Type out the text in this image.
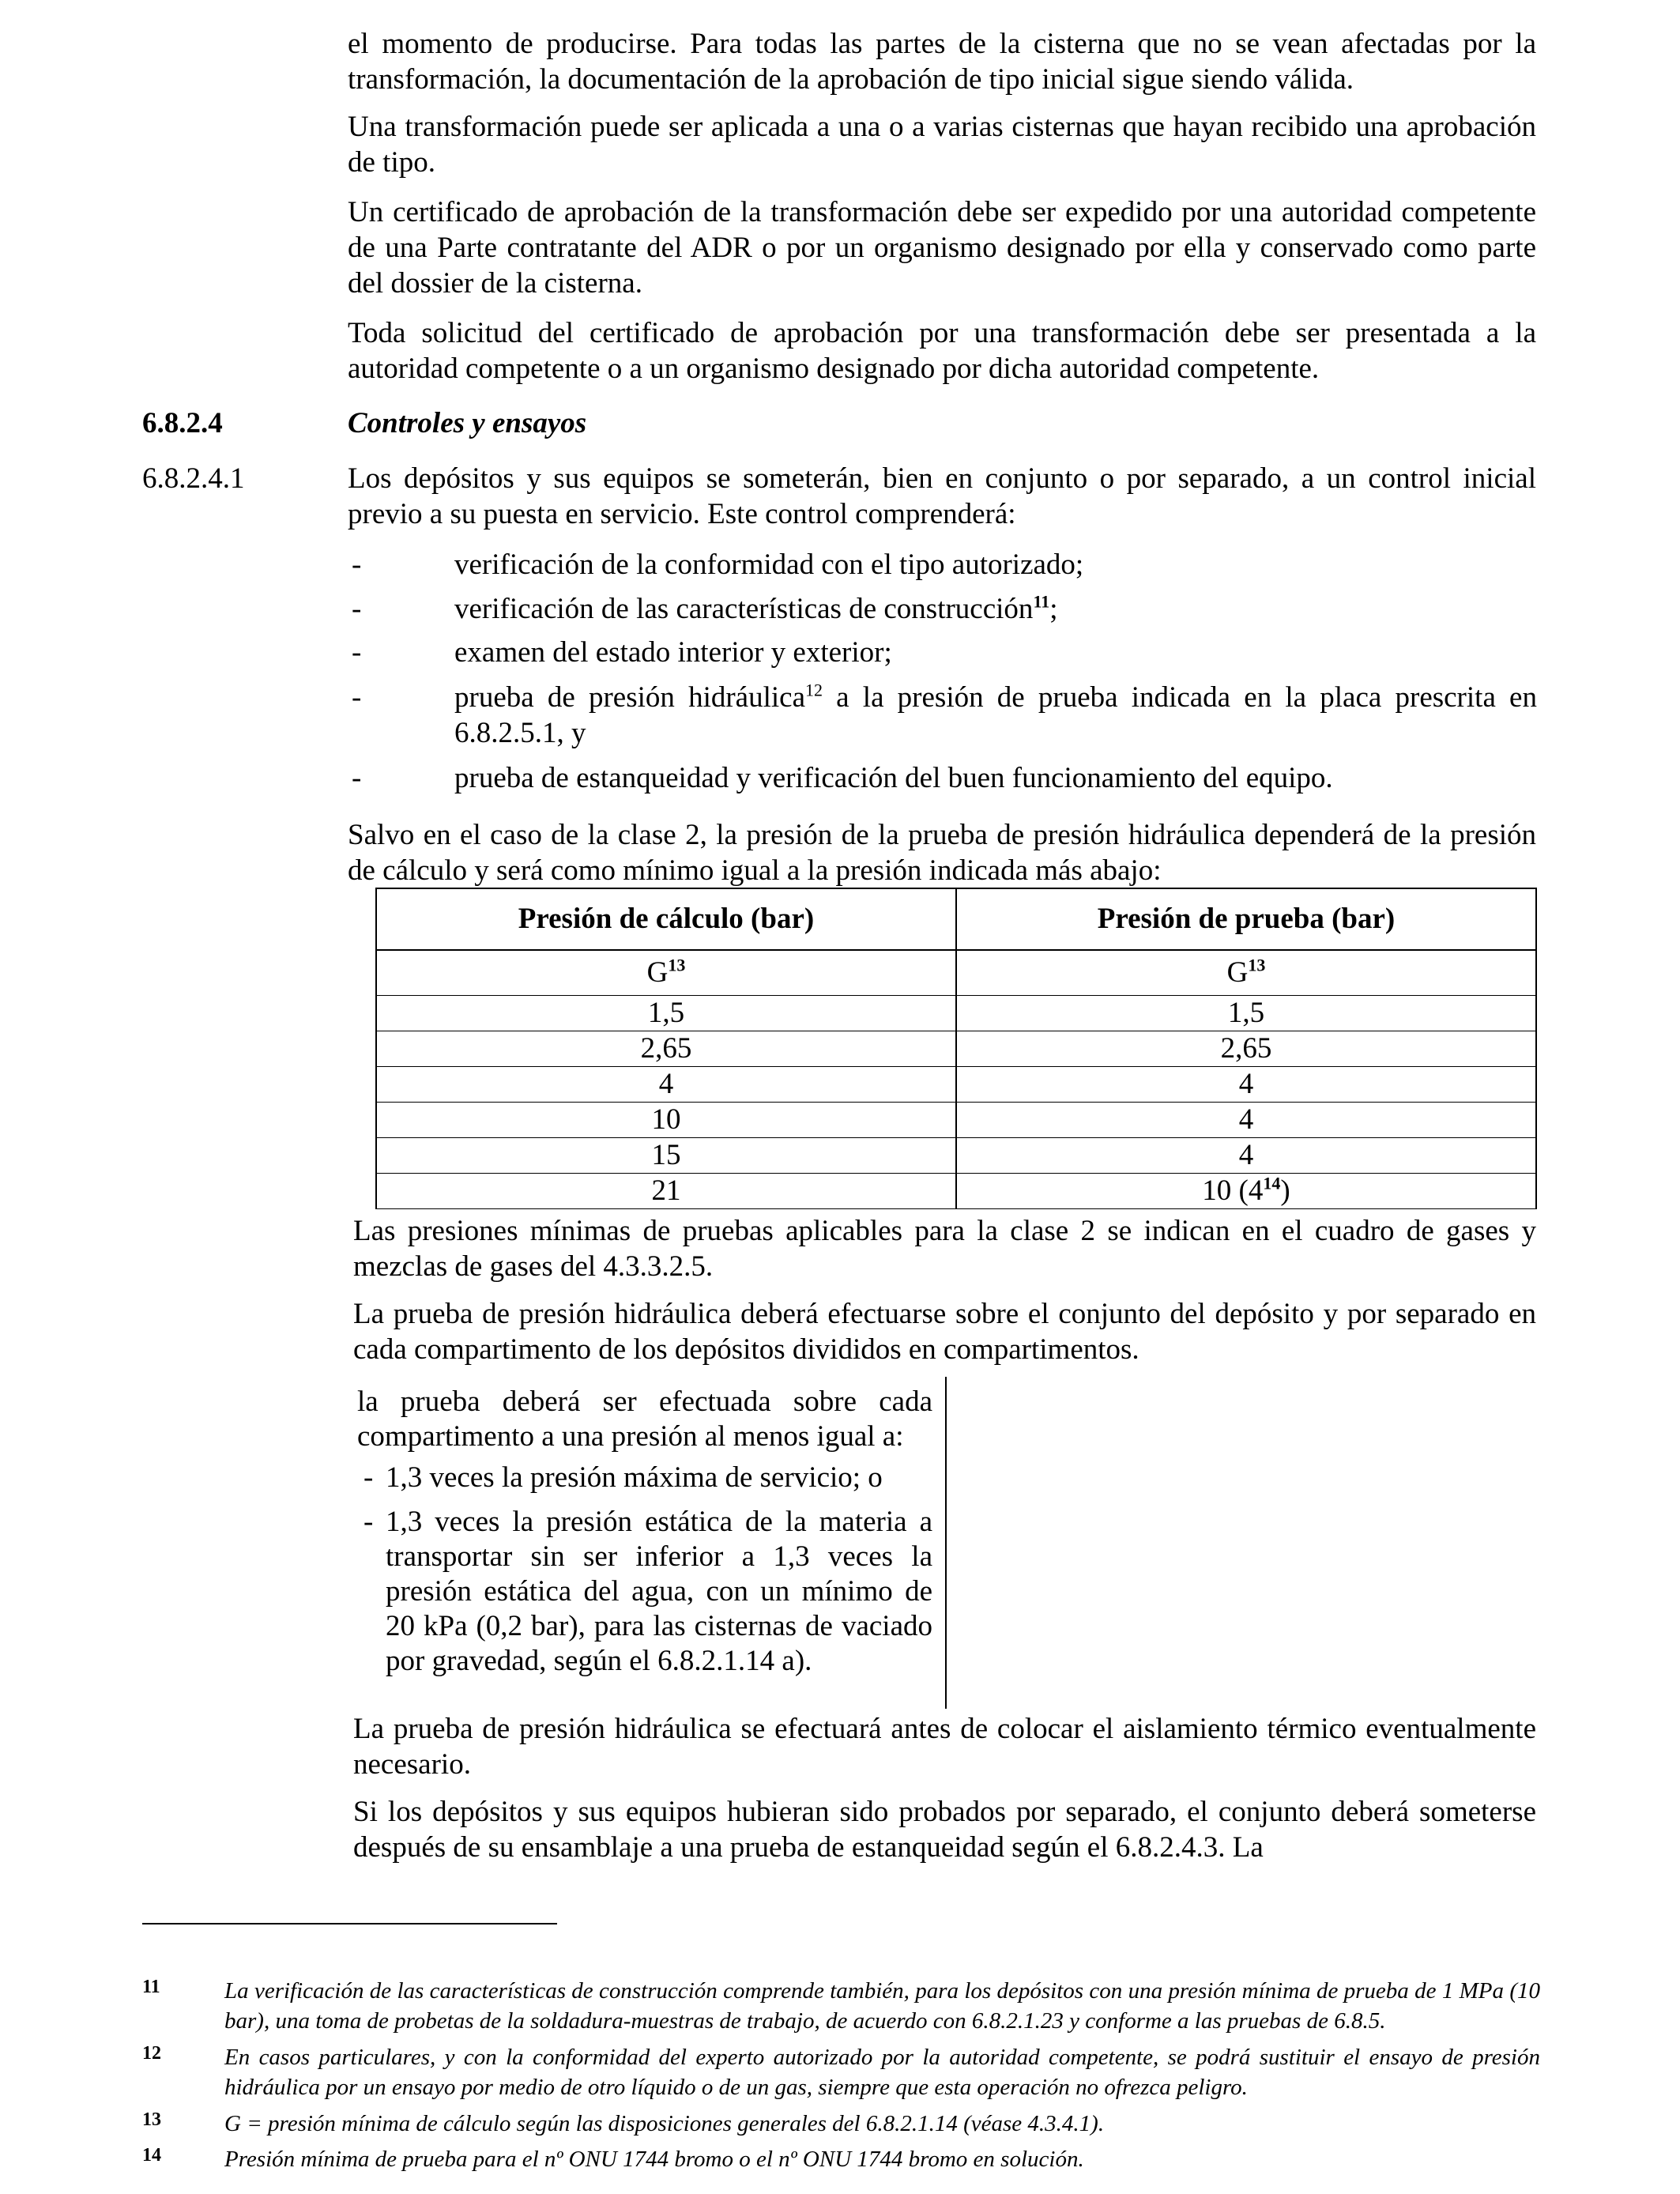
el momento de producirse. Para todas las partes de la cisterna que no se vean afectadas por la transformación, la documentación de la aprobación de tipo inicial sigue siendo válida.
Una transformación puede ser aplicada a una o a varias cisternas que hayan recibido una aprobación de tipo.
Un certificado de aprobación de la transformación debe ser expedido por una autoridad competente de una Parte contratante del ADR o por un organismo designado por ella y conservado como parte del dossier de la cisterna.
Toda solicitud del certificado de aprobación por una transformación debe ser presentada a la autoridad competente o a un organismo designado por dicha autoridad competente.
6.8.2.4	Controles y ensayos
6.8.2.4.1	Los depósitos y sus equipos se someterán, bien en conjunto o por separado, a un control inicial previo a su puesta en servicio. Este control comprenderá:
-	verificación de la conformidad con el tipo autorizado;
-	verificación de las características de construcción$^{11}$;
-	examen del estado interior y exterior;
-	prueba de presión hidráulica$^{12}$ a la presión de prueba indicada en la placa prescrita en 6.8.2.5.1, y
-	prueba de estanqueidad y verificación del buen funcionamiento del equipo.
Salvo en el caso de la clase 2, la presión de la prueba de presión hidráulica dependerá de la presión de cálculo y será como mínimo igual a la presión indicada más abajo:
Presión de cálculo (bar)	Presión de prueba (bar)
$G^{13}$	$G^{13}$
1,5	1,5
2,65	2,65
4	4
10	4
15	4
21	10 $(4^{14})$
Las presiones mínimas de pruebas aplicables para la clase 2 se indican en el cuadro de gases y mezclas de gases del 4.3.3.2.5.
La prueba de presión hidráulica deberá efectuarse sobre el conjunto del depósito y por separado en cada compartimento de los depósitos divididos en compartimentos.
la prueba deberá ser efectuada sobre cada compartimento a una presión al menos igual a:
- 1,3 veces la presión máxima de servicio; o
- 1,3 veces la presión estática de la materia a transportar sin ser inferior a 1,3 veces la presión estática del agua, con un mínimo de 20 kPa (0,2 bar), para las cisternas de vaciado por gravedad, según el 6.8.2.1.14 a).
La prueba de presión hidráulica se efectuará antes de colocar el aislamiento térmico eventualmente necesario.
Si los depósitos y sus equipos hubieran sido probados por separado, el conjunto deberá someterse después de su ensamblaje a una prueba de estanqueidad según el 6.8.2.4.3. La
11	La verificación de las características de construcción comprende también, para los depósitos con una presión mínima de prueba de 1 MPa (10 bar), una toma de probetas de la soldadura-muestras de trabajo, de acuerdo con 6.8.2.1.23 y conforme a las pruebas de 6.8.5.
12	En casos particulares, y con la conformidad del experto autorizado por la autoridad competente, se podrá sustituir el ensayo de presión hidráulica por un ensayo por medio de otro líquido o de un gas, siempre que esta operación no ofrezca peligro.
13	G = presión mínima de cálculo según las disposiciones generales del 6.8.2.1.14 (véase 4.3.4.1).
14	Presión mínima de prueba para el nº ONU 1744 bromo o el nº ONU 1744 bromo en solución.
